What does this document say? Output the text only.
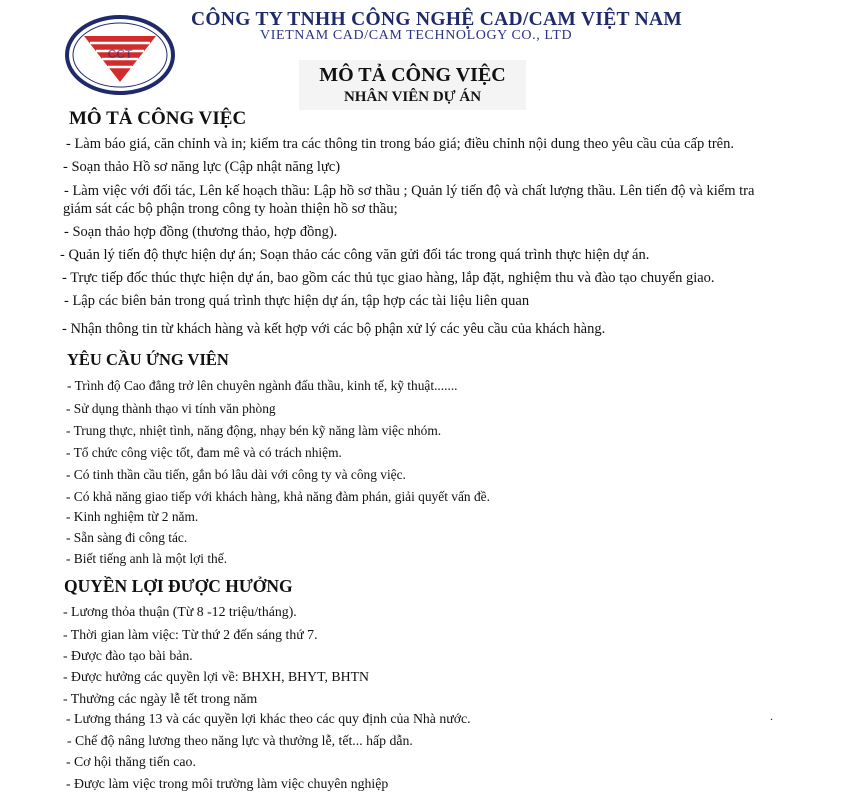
CCT
CÔNG TY TNHH CÔNG NGHỆ CAD/CAM VIỆT NAM
VIETNAM CAD/CAM TECHNOLOGY CO., LTD
MÔ TẢ CÔNG VIỆC
NHÂN VIÊN DỰ ÁN
MÔ TẢ CÔNG VIỆC
- Làm báo giá, căn chỉnh và in; kiểm tra các thông tin trong báo giá; điều chỉnh nội dung theo yêu cầu của cấp trên.
- Soạn thảo Hồ sơ năng lực (Cập nhật năng lực)
- Làm việc với đối tác, Lên kế hoạch thầu: Lập hồ sơ thầu ; Quản lý tiến độ và chất lượng thầu. Lên tiến độ và kiểm tra
giám sát các bộ phận trong công ty hoàn thiện hồ sơ thầu;
- Soạn thảo hợp đồng (thương thảo, hợp đồng).
- Quản lý tiến độ thực hiện dự án; Soạn thảo các công văn gửi đối tác trong quá trình thực hiện dự án.
- Trực tiếp đốc thúc thực hiện dự án, bao gồm các thủ tục giao hàng, lắp đặt, nghiệm thu và đào tạo chuyển giao.
- Lập các biên bản trong quá trình thực hiện dự án, tập hợp các tài liệu liên quan
- Nhận thông tin từ khách hàng và kết hợp với các bộ phận xử lý các yêu cầu của khách hàng.
YÊU CẦU ỨNG VIÊN
- Trình độ Cao đẳng trở lên chuyên ngành đấu thầu, kinh tế, kỹ thuật.......
- Sử dụng thành thạo vi tính văn phòng
- Trung thực, nhiệt tình, năng động, nhạy bén kỹ năng làm việc nhóm.
- Tổ chức công việc tốt, đam mê và có trách nhiệm.
- Có tinh thần cầu tiến, gắn bó lâu dài với công ty và công việc.
- Có khả năng giao tiếp với khách hàng, khả năng đàm phán, giải quyết vấn đề.
- Kinh nghiệm từ 2 năm.
- Sẵn sàng đi công tác.
- Biết tiếng anh là một lợi thế.
QUYỀN LỢI ĐƯỢC HƯỞNG
- Lương thỏa thuận (Từ 8 -12 triệu/tháng).
- Thời gian làm việc: Từ thứ 2 đến sáng thứ 7.
- Được đào tạo bài bản.
- Được hưởng các quyền lợi về: BHXH, BHYT, BHTN
- Thưởng các ngày lễ tết trong năm
- Lương tháng 13 và các quyền lợi khác theo các quy định của Nhà nước.
- Chế độ nâng lương theo năng lực và thưởng lễ, tết... hấp dẫn.
- Cơ hội thăng tiến cao.
- Được làm việc trong môi trường làm việc chuyên nghiệp
.
